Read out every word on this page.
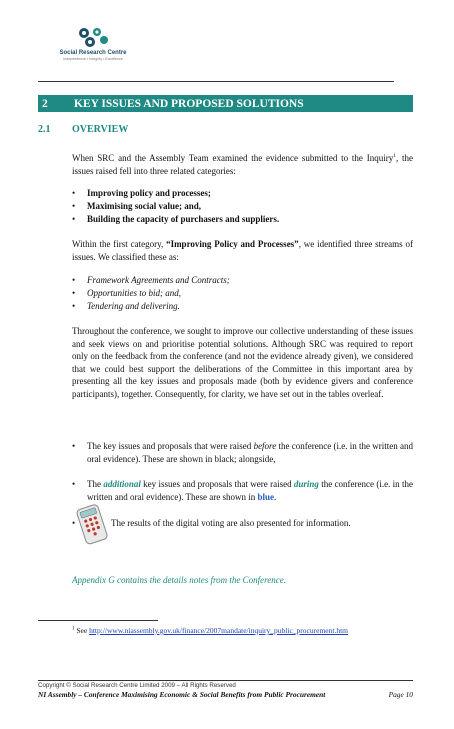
Social Research Centre
Independence • Integrity • Excellence
2	KEY ISSUES AND PROPOSED SOLUTIONS
2.1	OVERVIEW
When SRC and the Assembly Team examined the evidence submitted to the Inquiry$^1$, the issues raised fell into three related categories:
•	Improving policy and processes;
•	Maximising social value; and,
•	Building the capacity of purchasers and suppliers.
Within the first category, “Improving Policy and Processes”, we identified three streams of issues. We classified these as:
•	Framework Agreements and Contracts;
•	Opportunities to bid; and,
•	Tendering and delivering.
Throughout the conference, we sought to improve our collective understanding of these issues and seek views on and prioritise potential solutions. Although SRC was required to report only on the feedback from the conference (and not the evidence already given), we considered that we could best support the deliberations of the Committee in this important area by presenting all the key issues and proposals made (both by evidence givers and conference participants), together. Consequently, for clarity, we have set out in the tables overleaf.
•	The key issues and proposals that were raised before the conference (i.e. in the written and oral evidence). These are shown in black; alongside,
•	The additional key issues and proposals that were raised during the conference (i.e. in the written and oral evidence). These are shown in blue.
•	The results of the digital voting are also presented for information.
Appendix G contains the details notes from the Conference.
$^1$ See http://www.niassembly.gov.uk/finance/2007mandate/inquiry_public_procurement.htm
Copyright © Social Research Centre Limited 2009 – All Rights Reserved
NI Assembly – Conference Maximising Economic & Social Benefits from Public Procurement	Page 10
